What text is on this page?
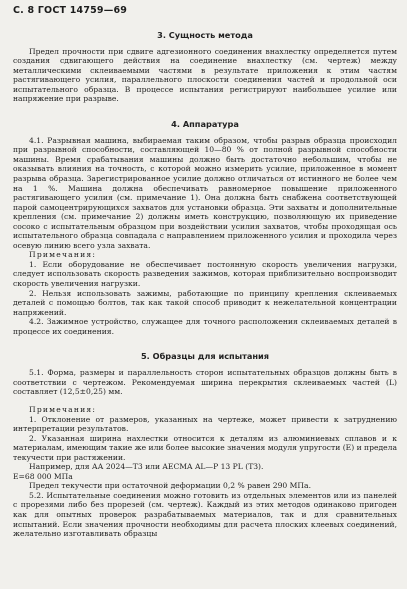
С. 8 ГОСТ 14759—69
3. Сущность метода

Предел прочности при сдвиге адгезионного соединения внахлестку определяется путем создания сдвигающего действия на соединение внахлестку (см. чертеж) между металлическими склеиваемыми частями в результате приложения к этим частям растягивающего усилия, параллельного плоскости соединения частей и продольной оси испытательного образца. В процессе испытания регистрируют наибольшее усилие или напряжение при разрыве.

4. Аппаратура

4.1. Разрывная машина, выбираемая таким образом, чтобы разрыв образца происходил при разрывной способности, составляющей 10—80 % от полной разрывной способности машины. Время срабатывания машины должно быть достаточно небольшим, чтобы не оказывать влияния на точность, с которой можно измерить усилие, приложенное в момент разрыва образца. Зарегистрированное усилие должно отличаться от истинного не более чем на 1 %. Машина должна обеспечивать равномерное повышение приложенного растягивающего усилия (см. примечание 1). Она должна быть снабжена соответствующей парой самоцентрирующихся захватов для установки образца. Эти захваты и дополнительные крепления (см. примечание 2) должны иметь конструкцию, позволяющую их приведение сосоко с испытательным образцом при воздействии усилия захватов, чтобы проходящая ось испытательного образца совпадала с направлением приложенного усилия и проходила через осевую линию всего узла захвата.

Примечания:

1. Если оборудование не обеспечивает постоянную скорость увеличения нагрузки, следует использовать скорость разведения зажимов, которая приблизительно воспроизводит скорость увеличения нагрузки.

2. Нельзя использовать зажимы, работающие по принципу крепления склеиваемых деталей с помощью болтов, так как такой способ приводит к нежелательной концентрации напряжений.

4.2. Зажимное устройство, служащее для точного расположения склеиваемых деталей в процессе их соединения.

5. Образцы для испытания

5.1. Форма, размеры и параллельность сторон испытательных образцов должны быть в соответствии с чертежом. Рекомендуемая ширина перекрытия склеиваемых частей (L) составляет (12,5±0,25) мм.

Примечания:

1. Отклонение от размеров, указанных на чертеже, может привести к затруднению интерпретации результатов.

2. Указанная ширина нахлестки относится к деталям из алюминиевых сплавов и к материалам, имеющим такие же или более высокие значения модуля упругости (E) и предела текучести при растяжении.

Например, для АА 2024—Т3 или AECMA AL—P 13 PL (ТЗ).

E=68 000 МПа

Предел текучести при остаточной деформации 0,2 % равен 290 МПа.

5.2. Испытательные соединения можно готовить из отдельных элементов или из панелей с прорезями либо без прорезей (см. чертеж). Каждый из этих методов одинаково пригоден как для опытных проверок разрабатываемых материалов, так и для сравнительных испытаний. Если значения прочности необходимы для расчета плоских клеевых соединений, желательно изготавливать образцы
